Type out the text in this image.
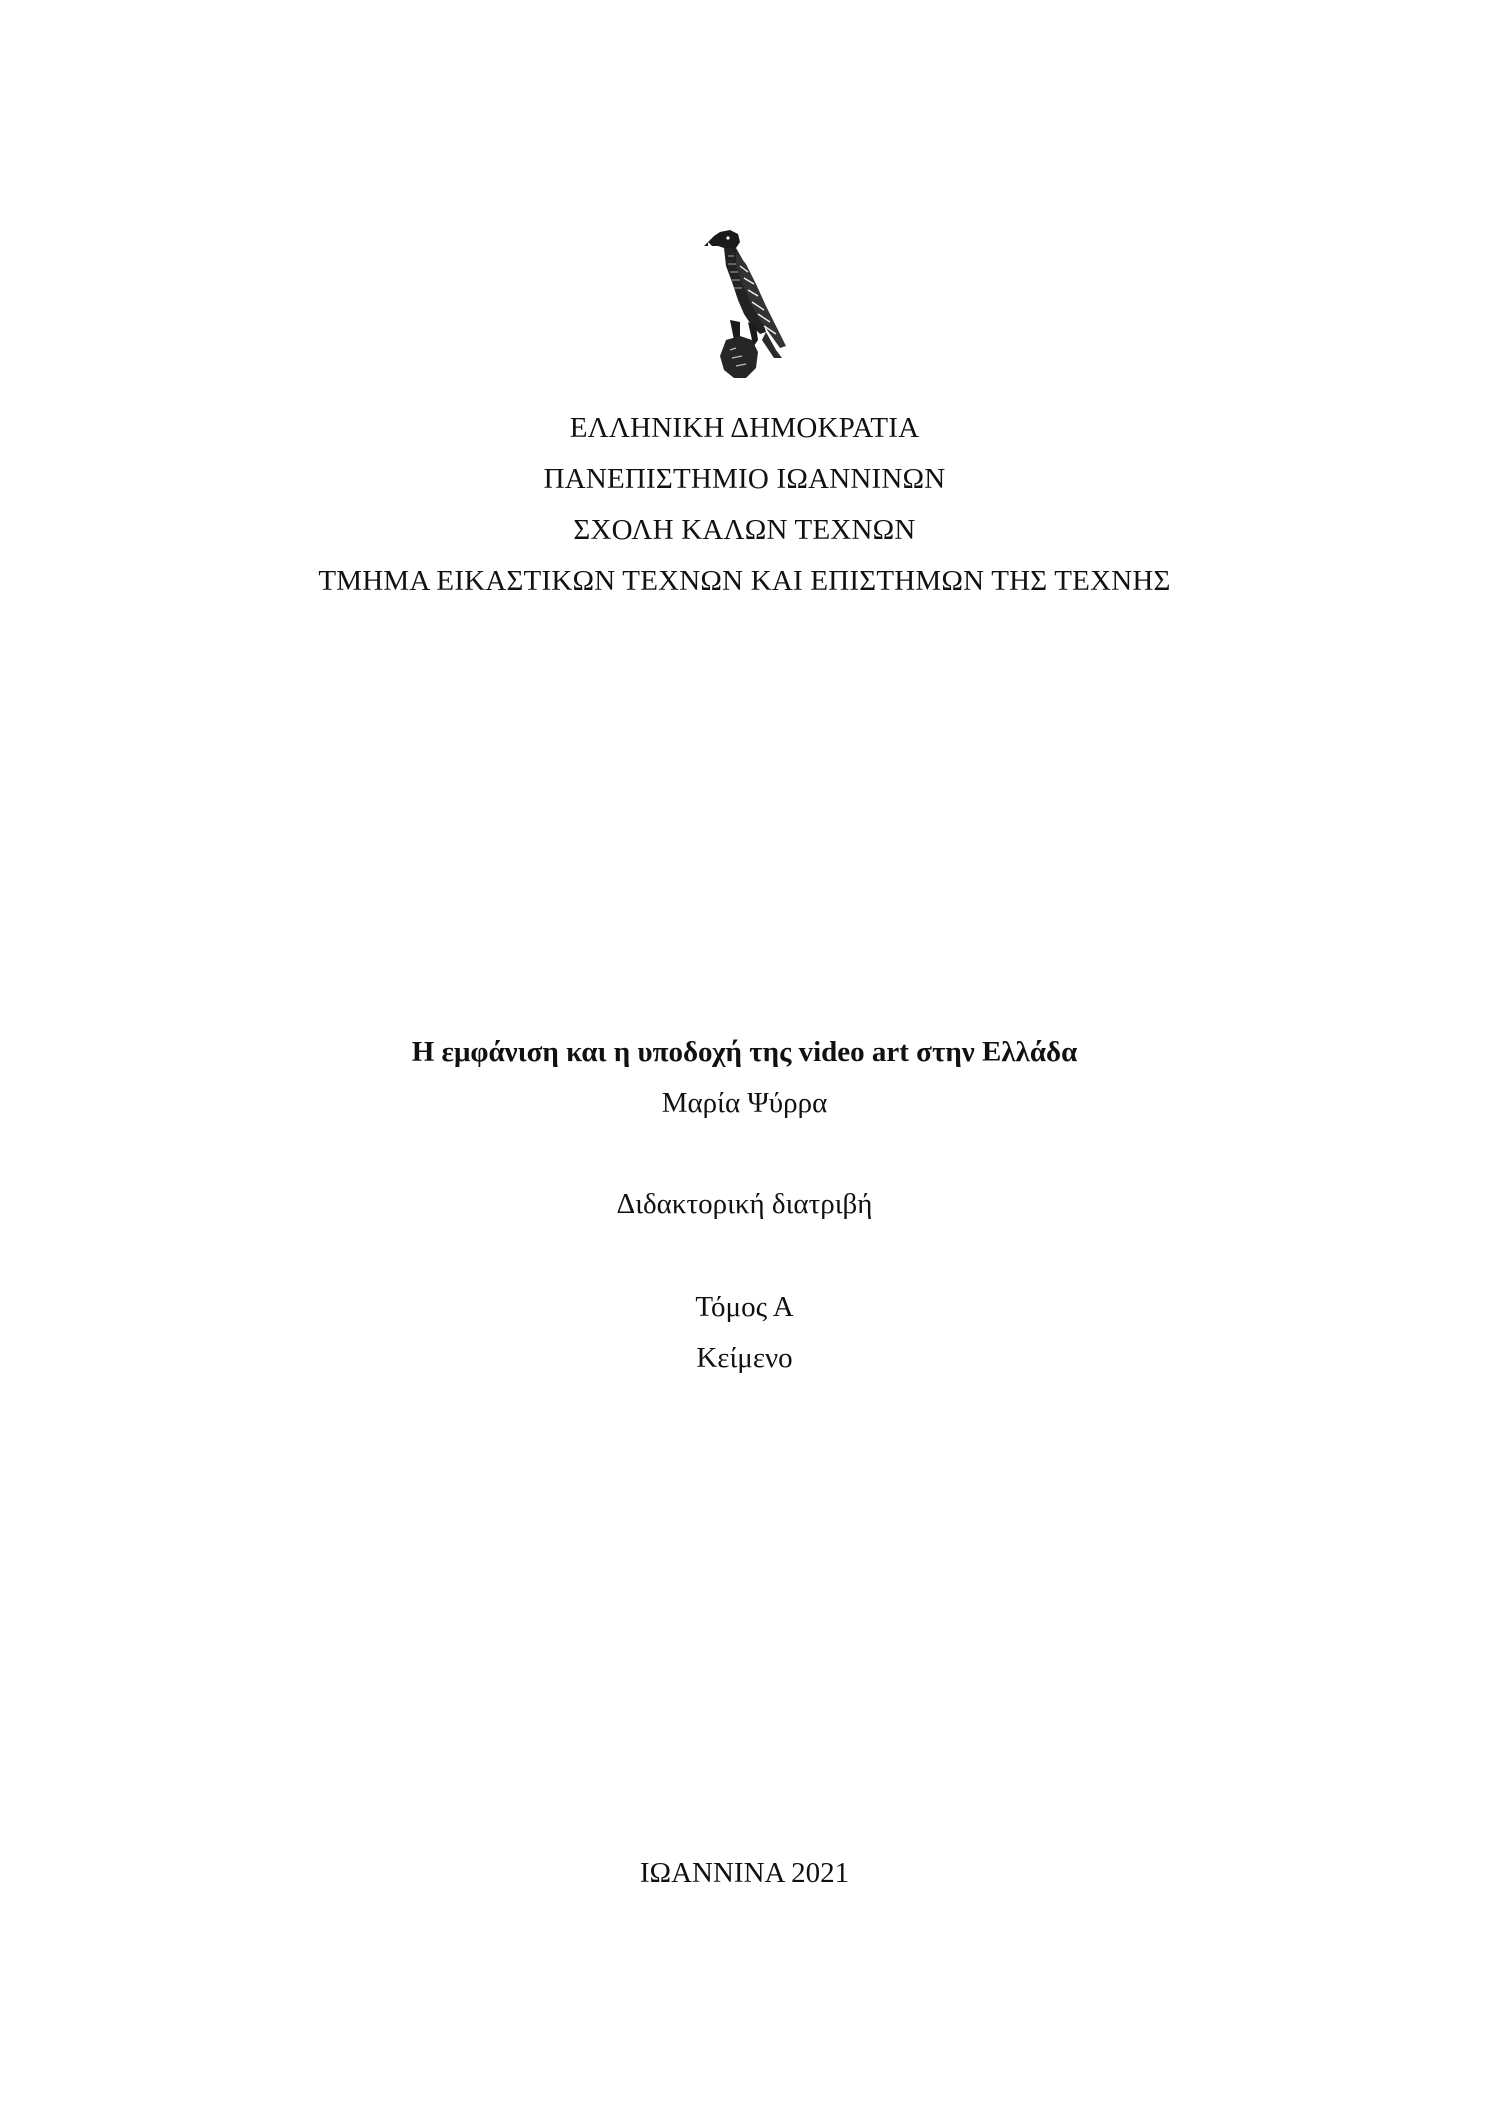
ΕΛΛΗΝΙΚΗ ΔΗΜΟΚΡΑΤΙΑ
ΠΑΝΕΠΙΣΤΗΜΙΟ ΙΩΑΝΝΙΝΩΝ
ΣΧΟΛΗ ΚΑΛΩΝ ΤΕΧΝΩΝ
ΤΜΗΜΑ ΕΙΚΑΣΤΙΚΩΝ ΤΕΧΝΩΝ ΚΑΙ ΕΠΙΣΤΗΜΩΝ ΤΗΣ ΤΕΧΝΗΣ
Η εμφάνιση και η υποδοχή της video art στην Ελλάδα
Μαρία Ψύρρα
Διδακτορική διατριβή
Τόμος Α
Κείμενο
ΙΩΑΝΝΙΝΑ 2021
